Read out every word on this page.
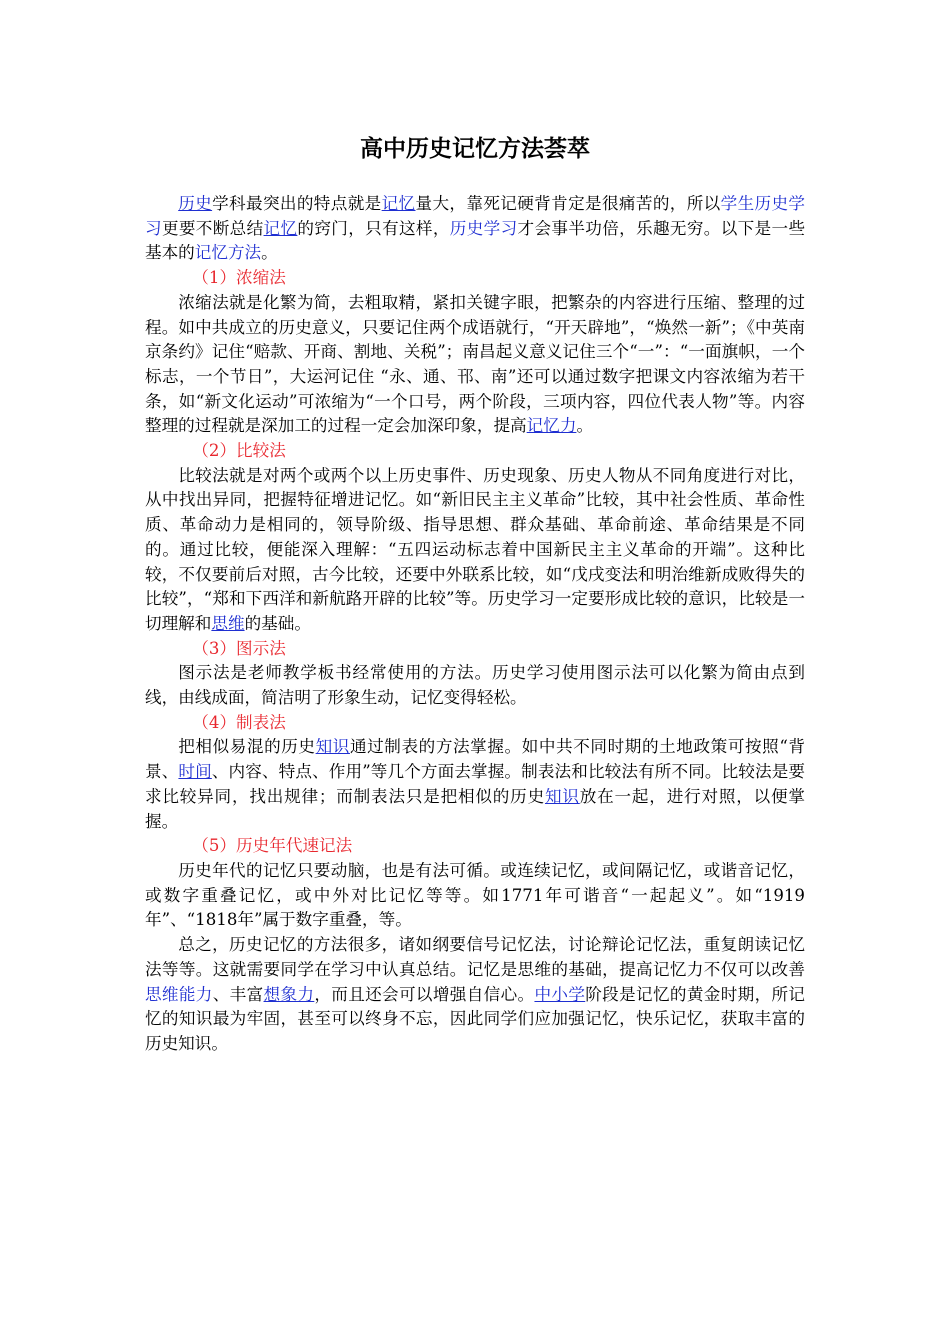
高中历史记忆方法荟萃

历史学科最突出的特点就是记忆量大，靠死记硬背肯定是很痛苦的，所以学生历史学习更要不断总结记忆的窍门，只有这样，历史学习才会事半功倍，乐趣无穷。以下是一些基本的记忆方法。

（1）浓缩法

浓缩法就是化繁为简，去粗取精，紧扣关键字眼，把繁杂的内容进行压缩、整理的过程。如中共成立的历史意义，只要记住两个成语就行，“开天辟地”，“焕然一新”；《中英南京条约》记住“赔款、开商、割地、关税”；南昌起义意义记住三个“一”：“一面旗帜，一个标志，一个节日”，大运河记住 “永、通、邗、南”还可以通过数字把课文内容浓缩为若干条，如“新文化运动”可浓缩为“一个口号，两个阶段，三项内容，四位代表人物”等。内容整理的过程就是深加工的过程一定会加深印象，提高记忆力。

（2）比较法

比较法就是对两个或两个以上历史事件、历史现象、历史人物从不同角度进行对比，从中找出异同，把握特征增进记忆。如“新旧民主主义革命”比较，其中社会性质、革命性质、革命动力是相同的，领导阶级、指导思想、群众基础、革命前途、革命结果是不同的。通过比较，便能深入理解：“五四运动标志着中国新民主主义革命的开端”。这种比较，不仅要前后对照，古今比较，还要中外联系比较，如“戊戌变法和明治维新成败得失的比较”，“郑和下西洋和新航路开辟的比较”等。历史学习一定要形成比较的意识，比较是一切理解和思维的基础。

（3）图示法

图示法是老师教学板书经常使用的方法。历史学习使用图示法可以化繁为简由点到线，由线成面，简洁明了形象生动，记忆变得轻松。

（4）制表法

把相似易混的历史知识通过制表的方法掌握。如中共不同时期的土地政策可按照“背景、时间、内容、特点、作用”等几个方面去掌握。制表法和比较法有所不同。比较法是要求比较异同，找出规律；而制表法只是把相似的历史知识放在一起，进行对照，以便掌握。

（5）历史年代速记法

历史年代的记忆只要动脑，也是有法可循。或连续记忆，或间隔记忆，或谐音记忆，或数字重叠记忆，或中外对比记忆等等。如1771年可谐音“一起起义”。如“1919年”、“1818年”属于数字重叠，等。

总之，历史记忆的方法很多，诸如纲要信号记忆法，讨论辩论记忆法，重复朗读记忆法等等。这就需要同学在学习中认真总结。记忆是思维的基础，提高记忆力不仅可以改善思维能力、丰富想象力，而且还会可以增强自信心。中小学阶段是记忆的黄金时期，所记忆的知识最为牢固，甚至可以终身不忘，因此同学们应加强记忆，快乐记忆，获取丰富的历史知识。
